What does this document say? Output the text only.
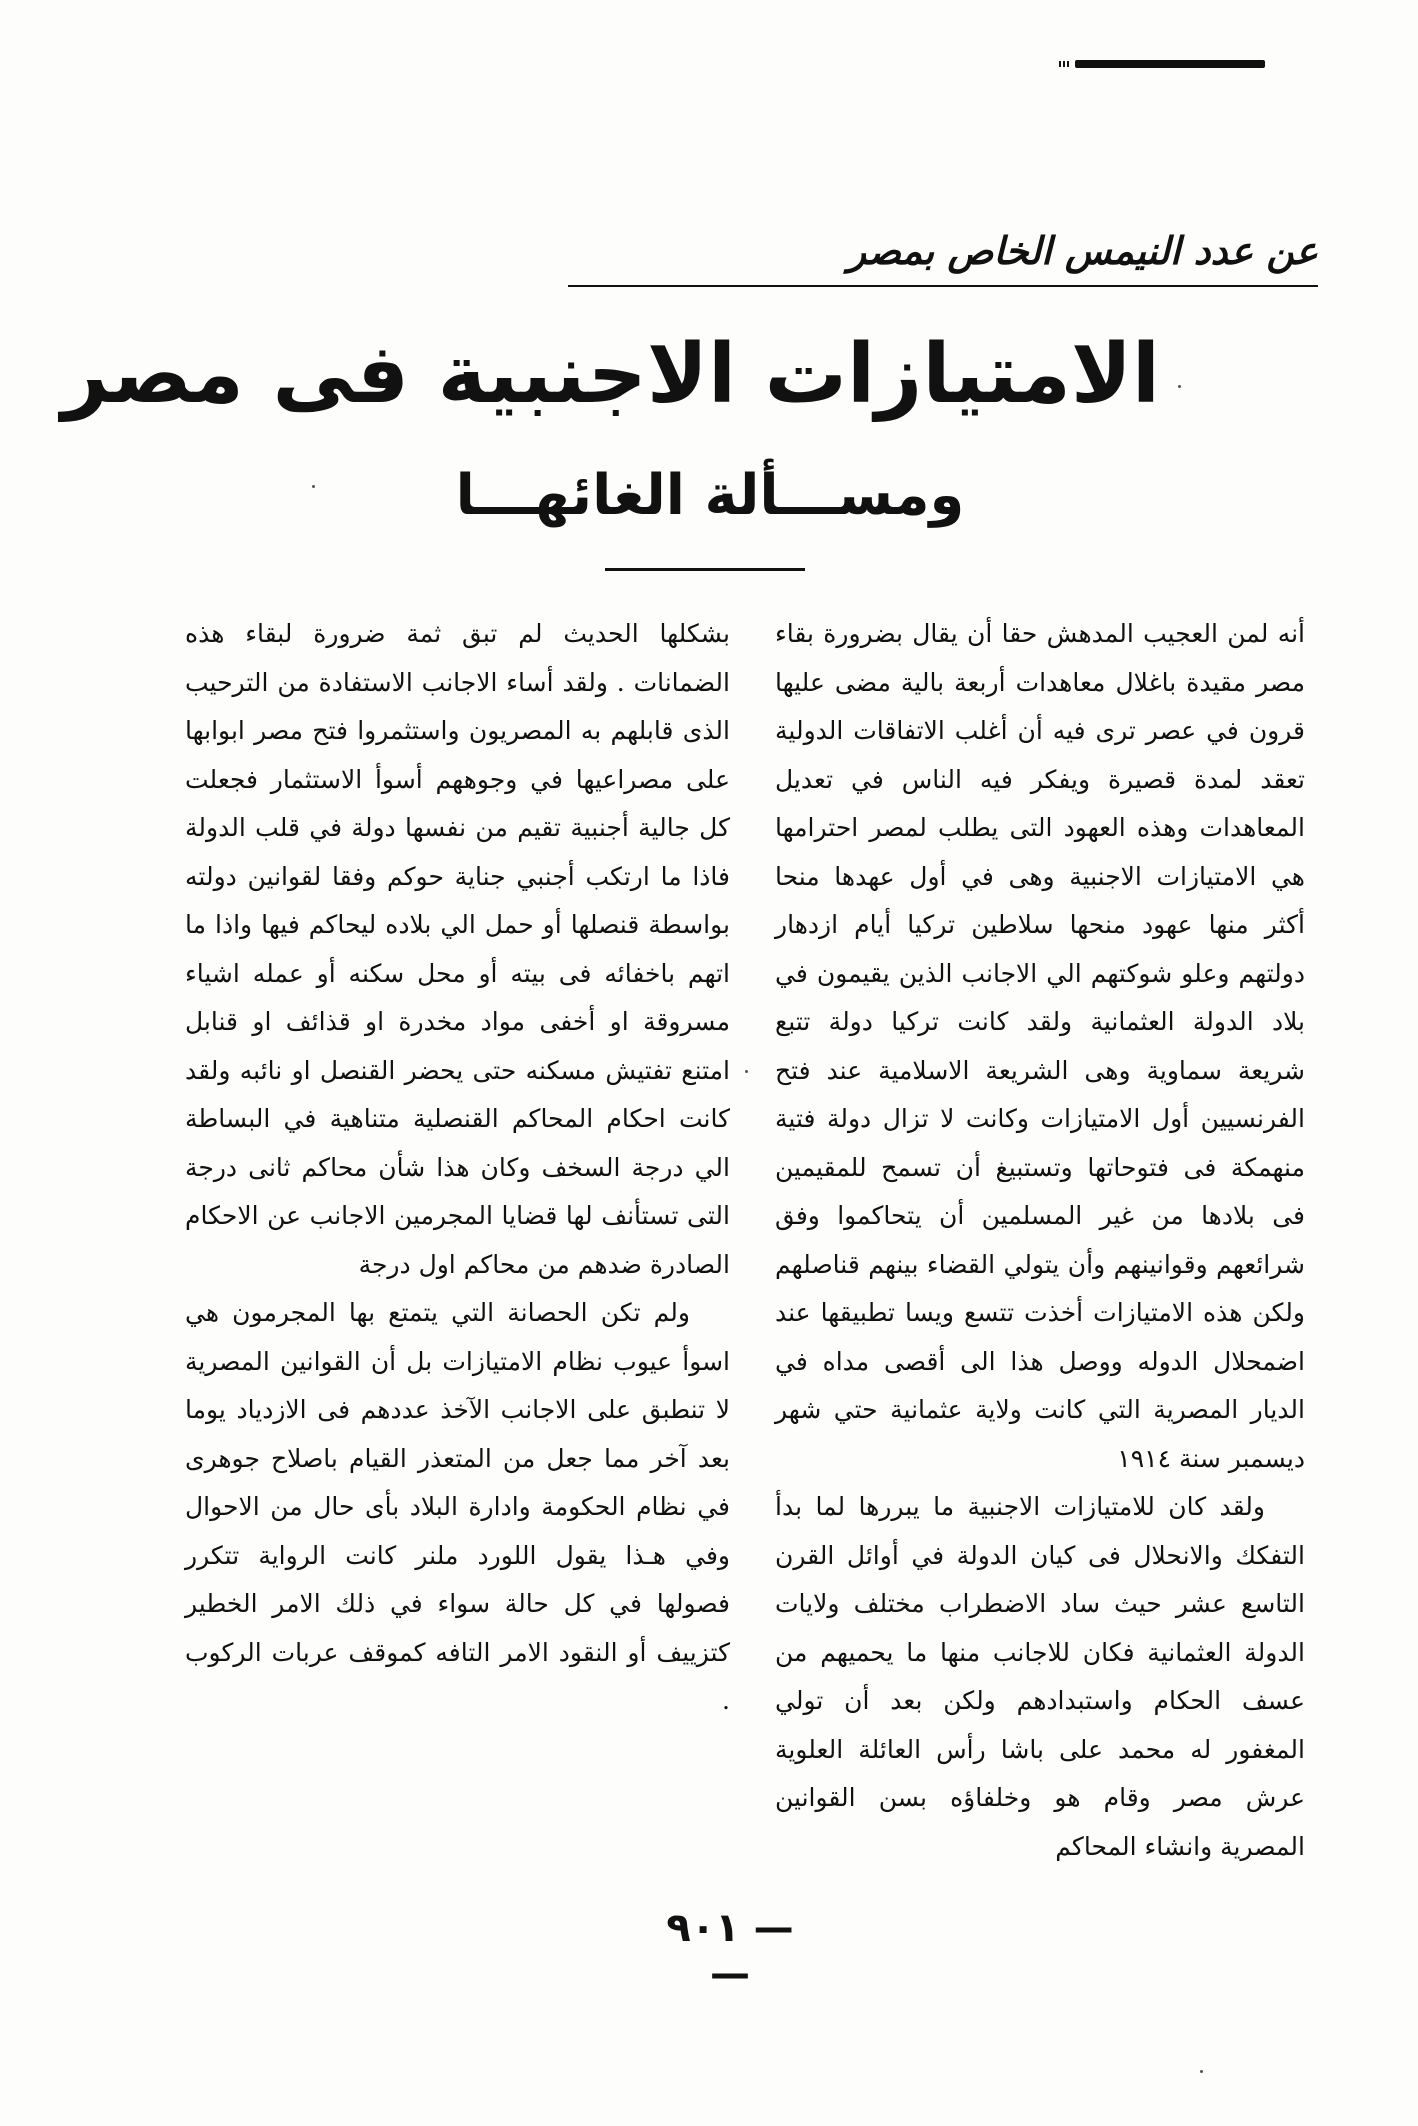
عن عدد النيمس الخاص بمصر
الامتيازات الاجنبية فى مصر
ومســـألة الغائهـــا

أنه لمن العجيب المدهش حقا أن يقال بضرورة بقاء مصر مقيدة باغلال معاهدات أربعة بالية مضى عليها قرون في عصر ترى فيه أن أغلب الاتفاقات الدولية تعقد لمدة قصيرة ويفكر فيه الناس في تعديل المعاهدات وهذه العهود التى يطلب لمصر احترامها هي الامتيازات الاجنبية وهى في أول عهدها منحا أكثر منها عهود منحها سلاطين تركيا أيام ازدهار دولتهم وعلو شوكتهم الي الاجانب الذين يقيمون في بلاد الدولة العثمانية ولقد كانت تركيا دولة تتبع شريعة سماوية وهى الشريعة الاسلامية عند فتح الفرنسيين أول الامتيازات وكانت لا تزال دولة فتية منهمكة فى فتوحاتها وتستبيغ أن تسمح للمقيمين فى بلادها من غير المسلمين أن يتحاكموا وفق شرائعهم وقوانينهم وأن يتولي القضاء بينهم قناصلهم ولكن هذه الامتيازات أخذت تتسع ويسا تطبيقها عند اضمحلال الدوله ووصل هذا الى أقصى مداه في الديار المصرية التي كانت ولاية عثمانية حتي شهر ديسمبر سنة ١٩١٤

ولقد كان للامتيازات الاجنبية ما يبررها لما بدأ التفكك والانحلال فى كيان الدولة في أوائل القرن التاسع عشر حيث ساد الاضطراب مختلف ولايات الدولة العثمانية فكان للاجانب منها ما يحميهم من عسف الحكام واستبدادهم ولكن بعد أن تولي المغفور له محمد على باشا رأس العائلة العلوية عرش مصر وقام هو وخلفاؤه بسن القوانين المصرية وانشاء المحاكم

بشكلها الحديث لم تبق ثمة ضرورة لبقاء هذه الضمانات . ولقد أساء الاجانب الاستفادة من الترحيب الذى قابلهم به المصريون واستثمروا فتح مصر ابوابها على مصراعيها في وجوههم أسوأ الاستثمار فجعلت كل جالية أجنبية تقيم من نفسها دولة في قلب الدولة فاذا ما ارتكب أجنبي جناية حوكم وفقا لقوانين دولته بواسطة قنصلها أو حمل الي بلاده ليحاكم فيها واذا ما اتهم باخفائه فى بيته أو محل سكنه أو عمله اشياء مسروقة او أخفى مواد مخدرة او قذائف او قنابل امتنع تفتيش مسكنه حتى يحضر القنصل او نائبه ولقد كانت احكام المحاكم القنصلية متناهية في البساطة الي درجة السخف وكان هذا شأن محاكم ثانى درجة التى تستأنف لها قضايا المجرمين الاجانب عن الاحكام الصادرة ضدهم من محاكم اول درجة

ولم تكن الحصانة التي يتمتع بها المجرمون هي اسوأ عيوب نظام الامتيازات بل أن القوانين المصرية لا تنطبق على الاجانب الآخذ عددهم فى الازدياد يوما بعد آخر مما جعل من المتعذر القيام باصلاح جوهرى في نظام الحكومة وادارة البلاد بأى حال من الاحوال وفي هـذا يقول اللورد ملنر كانت الرواية تتكرر فصولها في كل حالة سواء في ذلك الامر الخطير كتزييف أو النقود الامر التافه كموقف عربات الركوب .

— ٩٠١ —
